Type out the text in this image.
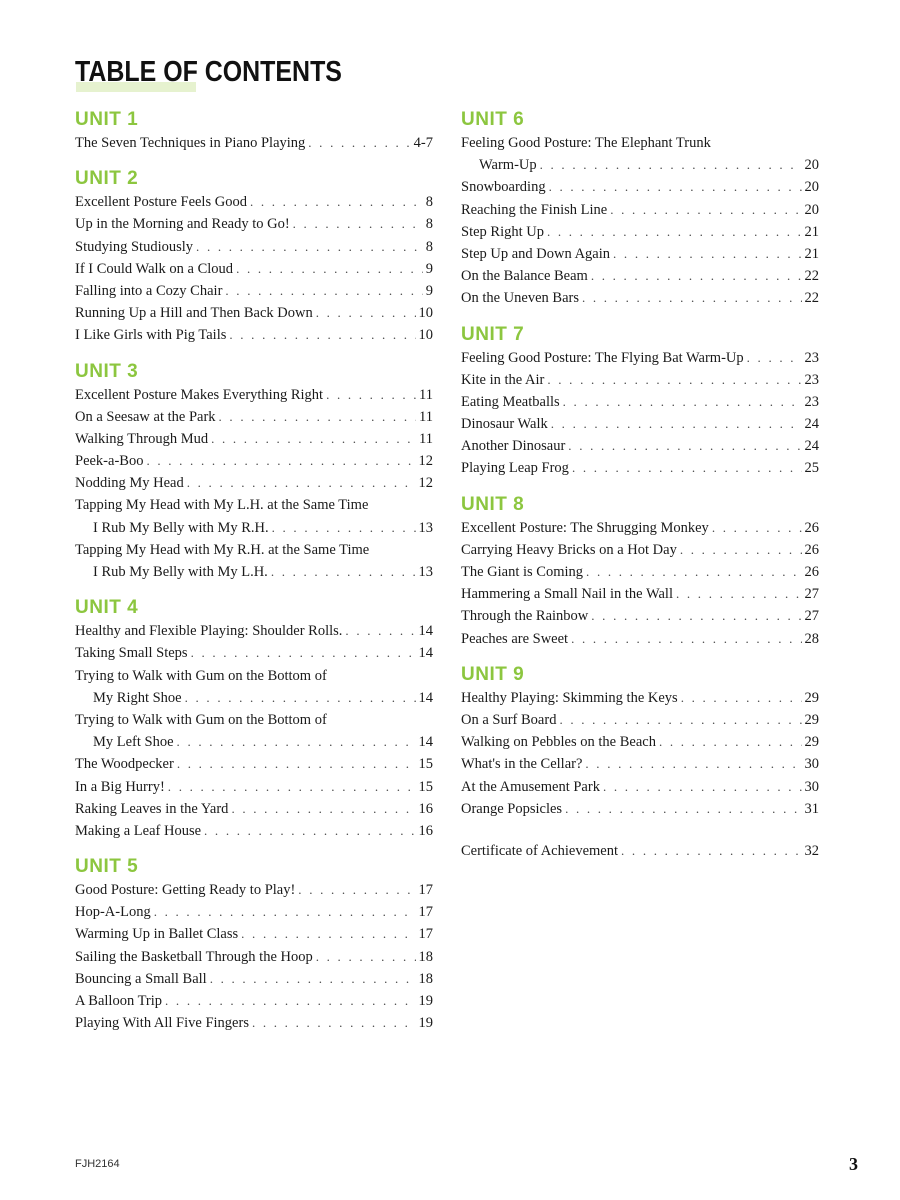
TABLE OF CONTENTS
UNIT 1
The Seven Techniques in Piano Playing . . .	4-7
UNIT 2
Excellent Posture Feels Good . . .	8
Up in the Morning and Ready to Go! . . .	8
Studying Studiously . . .	8
If I Could Walk on a Cloud . . .	9
Falling into a Cozy Chair . . .	9
Running Up a Hill and Then Back Down . . .	10
I Like Girls with Pig Tails . . .	10
UNIT 3
Excellent Posture Makes Everything Right . . .	11
On a Seesaw at the Park . . .	11
Walking Through Mud . . .	11
Peek-a-Boo . . .	12
Nodding My Head . . .	12
Tapping My Head with My L.H. at the Same Time
I Rub My Belly with My R.H. . . .	13
Tapping My Head with My R.H. at the Same Time
I Rub My Belly with My L.H. . . .	13
UNIT 4
Healthy and Flexible Playing: Shoulder Rolls. . . .	14
Taking Small Steps . . .	14
Trying to Walk with Gum on the Bottom of
My Right Shoe . . .	14
Trying to Walk with Gum on the Bottom of
My Left Shoe . . .	14
The Woodpecker . . .	15
In a Big Hurry! . . .	15
Raking Leaves in the Yard . . .	16
Making a Leaf House . . .	16
UNIT 5
Good Posture: Getting Ready to Play! . . .	17
Hop-A-Long . . .	17
Warming Up in Ballet Class . . .	17
Sailing the Basketball Through the Hoop . . .	18
Bouncing a Small Ball . . .	18
A Balloon Trip . . .	19
Playing With All Five Fingers . . .	19
UNIT 6
Feeling Good Posture: The Elephant Trunk
Warm-Up . . .	20
Snowboarding . . .	20
Reaching the Finish Line . . .	20
Step Right Up . . .	21
Step Up and Down Again . . .	21
On the Balance Beam . . .	22
On the Uneven Bars . . .	22
UNIT 7
Feeling Good Posture: The Flying Bat Warm-Up . . .	23
Kite in the Air . . .	23
Eating Meatballs . . .	23
Dinosaur Walk . . .	24
Another Dinosaur . . .	24
Playing Leap Frog . . .	25
UNIT 8
Excellent Posture: The Shrugging Monkey . . .	26
Carrying Heavy Bricks on a Hot Day . . .	26
The Giant is Coming . . .	26
Hammering a Small Nail in the Wall . . .	27
Through the Rainbow . . .	27
Peaches are Sweet . . .	28
UNIT 9
Healthy Playing: Skimming the Keys . . .	29
On a Surf Board . . .	29
Walking on Pebbles on the Beach . . .	29
What's in the Cellar? . . .	30
At the Amusement Park . . .	30
Orange Popsicles . . .	31
Certificate of Achievement . . .	32
FJH2164	3
